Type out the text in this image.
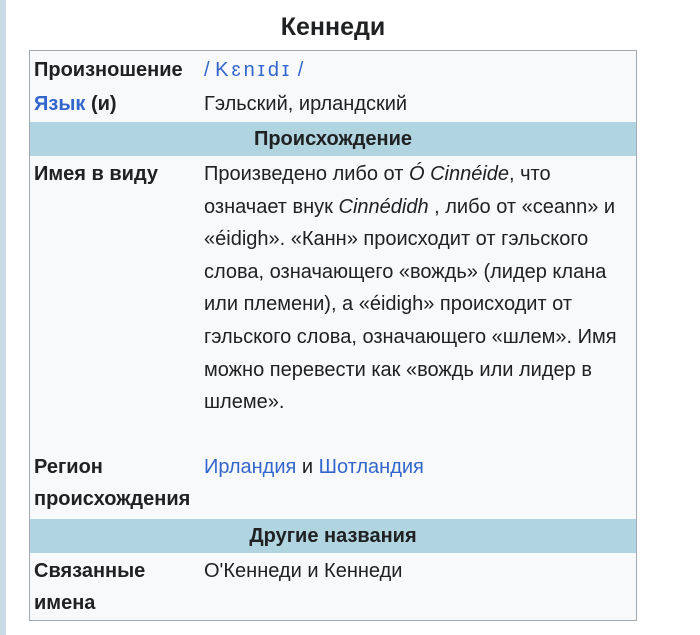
Кеннеди
Произношение / Kɛnɪdɪ /
Язык (и)	Гэльский, ирландский
Происхождение
Имея в виду Произведено либо от Ó Cinnéide, что означает внук Cinnédidh , либо от «ceann» и «éidigh». «Канн» происходит от гэльского слова, означающего «вождь» (лидер клана или племени), а «éidigh» происходит от гэльского слова, означающего «шлем». Имя можно перевести как «вождь или лидер в шлеме».
Регион происхождения
Ирландия и Шотландия
Другие названия
Связанные имена
О'Кеннеди и Кеннеди
